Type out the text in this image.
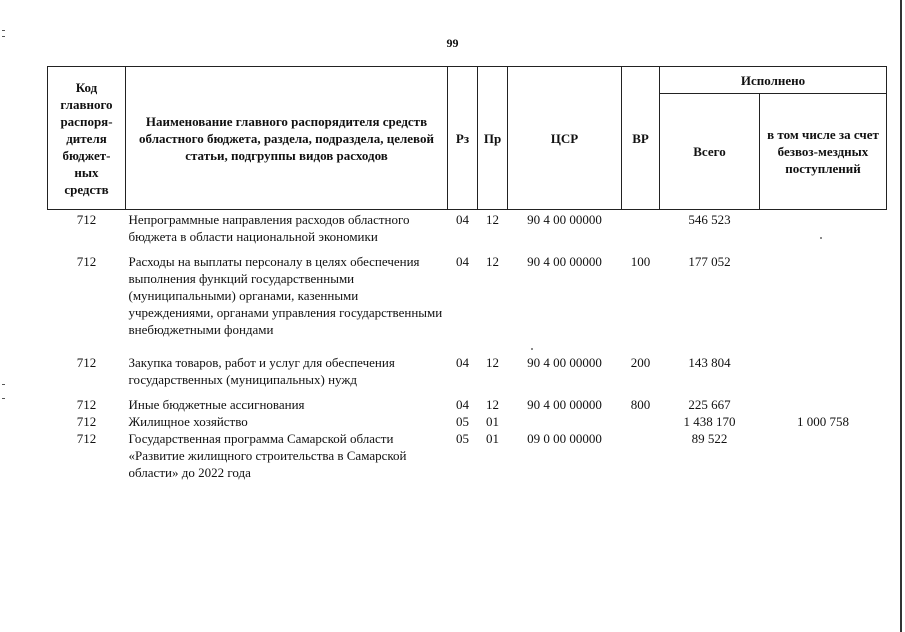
99
Код главного распоря-дителя бюджет-ных средств	Наименование главного распорядителя средств областного бюджета, раздела, подраздела, целевой статьи, подгруппы видов расходов	Рз	Пр	ЦСР	ВР	Исполнено	
						Всего	в том числе за счет безвоз-мездных поступлений
712	Непрограммные направления расходов областного бюджета в области национальной экономики	04	12	90 4 00 00000		546 523	
712	Расходы на выплаты персоналу в целях обеспечения выполнения функций государственными (муниципальными) органами, казенными учреждениями, органами управления государственными внебюджетными фондами	04	12	90 4 00 00000	100	177 052	
712	Закупка товаров, работ и услуг для обеспечения государственных (муниципальных) нужд	04	12	90 4 00 00000	200	143 804	
712	Иные бюджетные ассигнования	04	12	90 4 00 00000	800	225 667	
712	Жилищное хозяйство	05	01			1 438 170	1 000 758
712	Государственная программа Самарской области «Развитие жилищного строительства в Самарской области» до 2022 года	05	01	09 0 00 00000		89 522	
